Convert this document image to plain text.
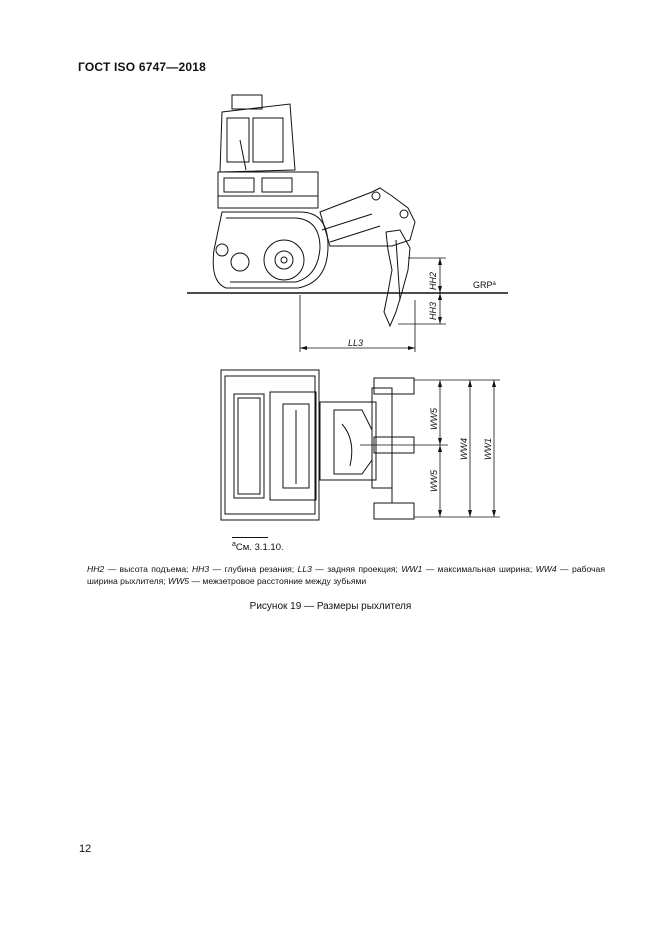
ГОСТ ISO 6747—2018
HH2
HH3
LL3
WW5
WW5
WW4 WW1
GRP$^a$
$^a$См. 3.1.10.
HH2 — высота подъема; HH3 — глубина резания; LL3 — задняя проекция; WW1 — максимальная ширина; WW4 — рабочая ширина рыхлителя; WW5 — межзетровое расстояние между зубьями
Рисунок 19 — Размеры рыхлителя
12
